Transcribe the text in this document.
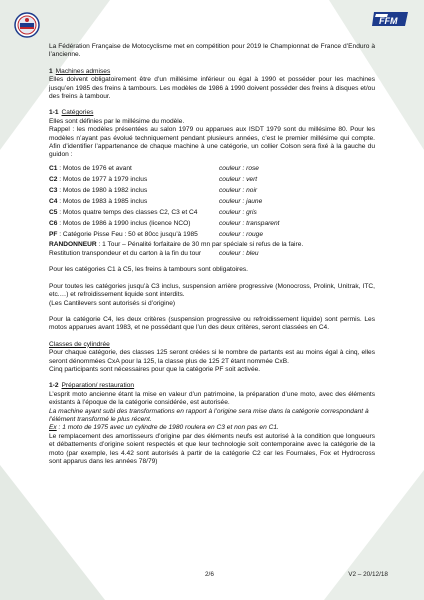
FFM

La Fédération Française de Motocyclisme met en compétition pour 2019 le Championnat de France d’Enduro à l’ancienne.

1 Machines admises

Elles doivent obligatoirement être d’un millésime inférieur ou égal à 1990 et posséder pour les machines jusqu’en 1985 des freins à tambours. Les modèles de 1986 à 1990 doivent posséder des freins à disques et/ou des freins à tambour.

1-1 Catégories

Elles sont définies par le millésime du modèle.

Rappel : les modèles présentées au salon 1979 ou apparues aux ISDT 1979 sont du millésime 80. Pour les modèles n’ayant pas évolué techniquement pendant plusieurs années, c’est le premier millésime qui compte. Afin d’identifier l’appartenance de chaque machine à une catégorie, un collier Colson sera fixé à la gauche du guidon :

C1 : Motos de 1976 et avant	couleur : rose
C2 : Motos de 1977 à 1979 inclus	couleur : vert
C3 : Motos de 1980 à 1982 inclus	couleur : noir
C4 : Motos de 1983 à 1985 inclus	couleur : jaune
C5 : Motos quatre temps des classes C2, C3 et C4	couleur : gris
C6 : Motos de 1986 à 1990 inclus (licence NCO)	couleur : transparent
PF : Catégorie Pisse Feu : 50 et 80cc jusqu’à 1985	couleur : rouge

RANDONNEUR : 1 Tour – Pénalité forfaitaire de 30 mn par spéciale si refus de la faire.

Restitution transpondeur et du carton à la fin du tour	couleur : bleu

Pour les catégories C1 à C5, les freins à tambours sont obligatoires.

Pour toutes les catégories jusqu’à C3 inclus, suspension arrière progressive (Monocross, Prolink, Unitrak, ITC, etc.…) et refroidissement liquide sont interdits.

(Les Cantilevers sont autorisés si d’origine)

Pour la catégorie C4, les deux critères (suspension progressive ou refroidissement liquide) sont permis. Les motos apparues avant 1983, et ne possédant que l’un des deux critères, seront classées en C4.

Classes de cylindrée

Pour chaque catégorie, des classes 125 seront créées si le nombre de partants est au moins égal à cinq, elles seront dénommées CxA pour la 125, la classe plus de 125 2T étant nommée CxB.

Cinq participants sont nécessaires pour que la catégorie PF soit activée.

1-2 Préparation/ restauration

L’esprit moto ancienne étant la mise en valeur d’un patrimoine, la préparation d’une moto, avec des éléments existants à l’époque de la catégorie considérée, est autorisée.

La machine ayant subi des transformations en rapport à l’origine sera mise dans la catégorie correspondant à l’élément transformé le plus récent.

Ex : 1 moto de 1975 avec un cylindre de 1980 roulera en C3 et non pas en C1.

Le remplacement des amortisseurs d’origine par des éléments neufs est autorisé à la condition que longueurs et débattements d’origine soient respectés et que leur technologie soit contemporaine avec la catégorie de la moto (par exemple, les 4.42 sont autorisés à partir de la catégorie C2 car les Fournales, Fox et Hydrocross sont apparus dans les années 78/79)

2/6	V2 – 20/12/18
